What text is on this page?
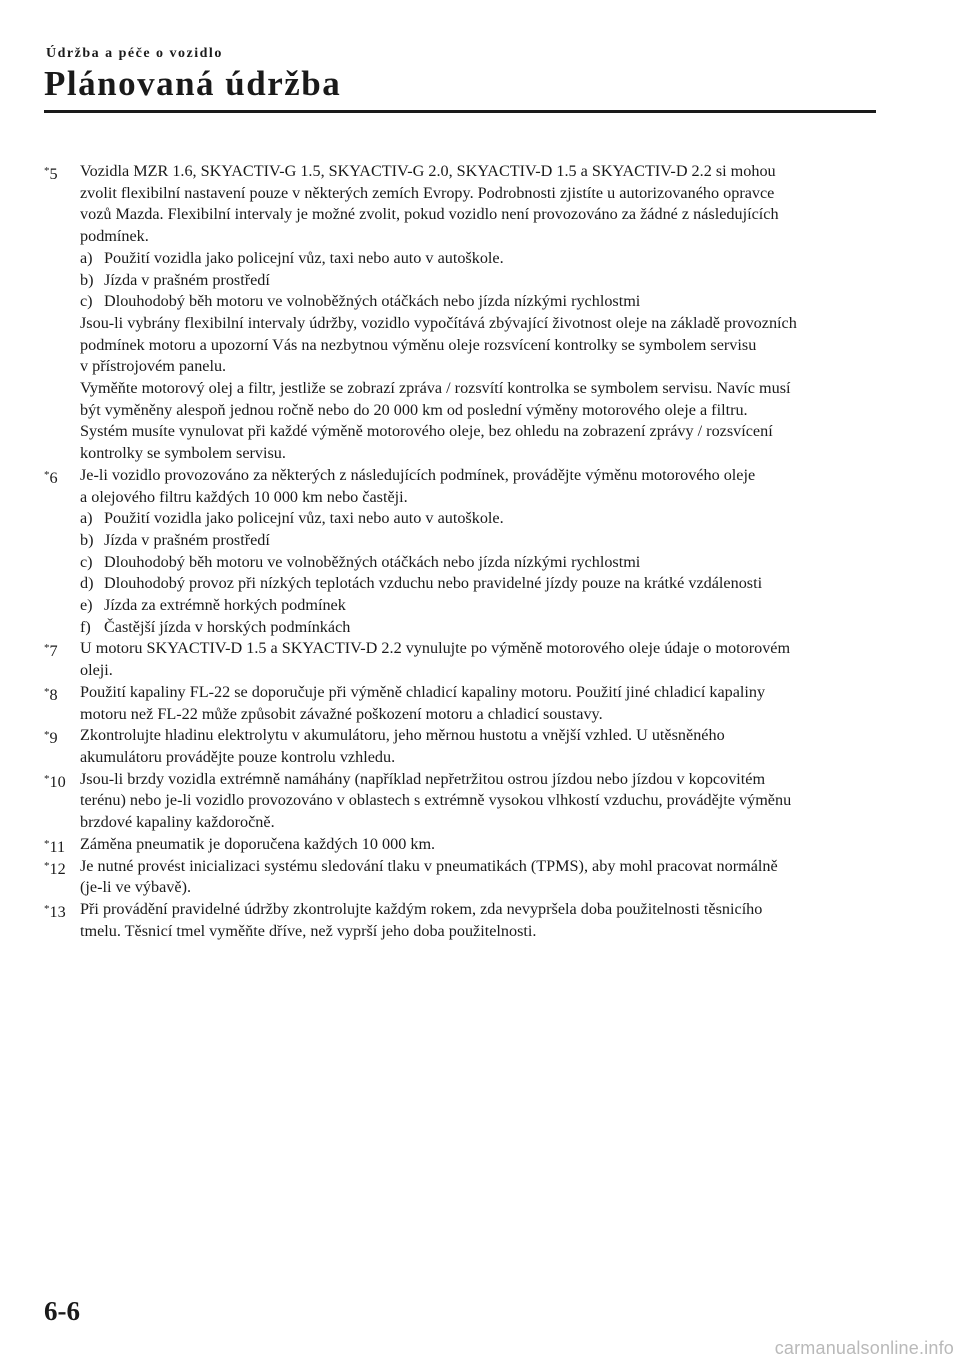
Údržba a péče o vozidlo
Plánovaná údržba
*5	Vozidla MZR 1.6, SKYACTIV-G 1.5, SKYACTIV-G 2.0, SKYACTIV-D 1.5 a SKYACTIV-D 2.2 si mohou
zvolit flexibilní nastavení pouze v některých zemích Evropy. Podrobnosti zjistíte u autorizovaného opravce
vozů Mazda. Flexibilní intervaly je možné zvolit, pokud vozidlo není provozováno za žádné z následujících
podmínek.
a) Použití vozidla jako policejní vůz, taxi nebo auto v autoškole.
b) Jízda v prašném prostředí
c) Dlouhodobý běh motoru ve volnoběžných otáčkách nebo jízda nízkými rychlostmi
Jsou-li vybrány flexibilní intervaly údržby, vozidlo vypočítává zbývající životnost oleje na základě provozních
podmínek motoru a upozorní Vás na nezbytnou výměnu oleje rozsvícení kontrolky se symbolem servisu
v přístrojovém panelu.
Vyměňte motorový olej a filtr, jestliže se zobrazí zpráva / rozsvítí kontrolka se symbolem servisu. Navíc musí
být vyměněny alespoň jednou ročně nebo do 20 000 km od poslední výměny motorového oleje a filtru.
Systém musíte vynulovat při každé výměně motorového oleje, bez ohledu na zobrazení zprávy / rozsvícení
kontrolky se symbolem servisu.
*6	Je-li vozidlo provozováno za některých z následujících podmínek, provádějte výměnu motorového oleje
a olejového filtru každých 10 000 km nebo častěji.
a) Použití vozidla jako policejní vůz, taxi nebo auto v autoškole.
b) Jízda v prašném prostředí
c) Dlouhodobý běh motoru ve volnoběžných otáčkách nebo jízda nízkými rychlostmi
d) Dlouhodobý provoz při nízkých teplotách vzduchu nebo pravidelné jízdy pouze na krátké vzdálenosti
e) Jízda za extrémně horkých podmínek
f) Častější jízda v horských podmínkách
*7	U motoru SKYACTIV-D 1.5 a SKYACTIV-D 2.2 vynulujte po výměně motorového oleje údaje o motorovém
oleji.
*8	Použití kapaliny FL-22 se doporučuje při výměně chladicí kapaliny motoru. Použití jiné chladicí kapaliny
motoru než FL-22 může způsobit závažné poškození motoru a chladicí soustavy.
*9	Zkontrolujte hladinu elektrolytu v akumulátoru, jeho měrnou hustotu a vnější vzhled. U utěsněného
akumulátoru provádějte pouze kontrolu vzhledu.
*10 Jsou-li brzdy vozidla extrémně namáhány (například nepřetržitou ostrou jízdou nebo jízdou v kopcovitém
terénu) nebo je-li vozidlo provozováno v oblastech s extrémně vysokou vlhkostí vzduchu, provádějte výměnu
brzdové kapaliny každoročně.
*11 Záměna pneumatik je doporučena každých 10 000 km.
*12 Je nutné provést inicializaci systému sledování tlaku v pneumatikách (TPMS), aby mohl pracovat normálně
(je-li ve výbavě).
*13 Při provádění pravidelné údržby zkontrolujte každým rokem, zda nevypršela doba použitelnosti těsnicího
tmelu. Těsnicí tmel vyměňte dříve, než vyprší jeho doba použitelnosti.
6-6
carmanualsonline.info
